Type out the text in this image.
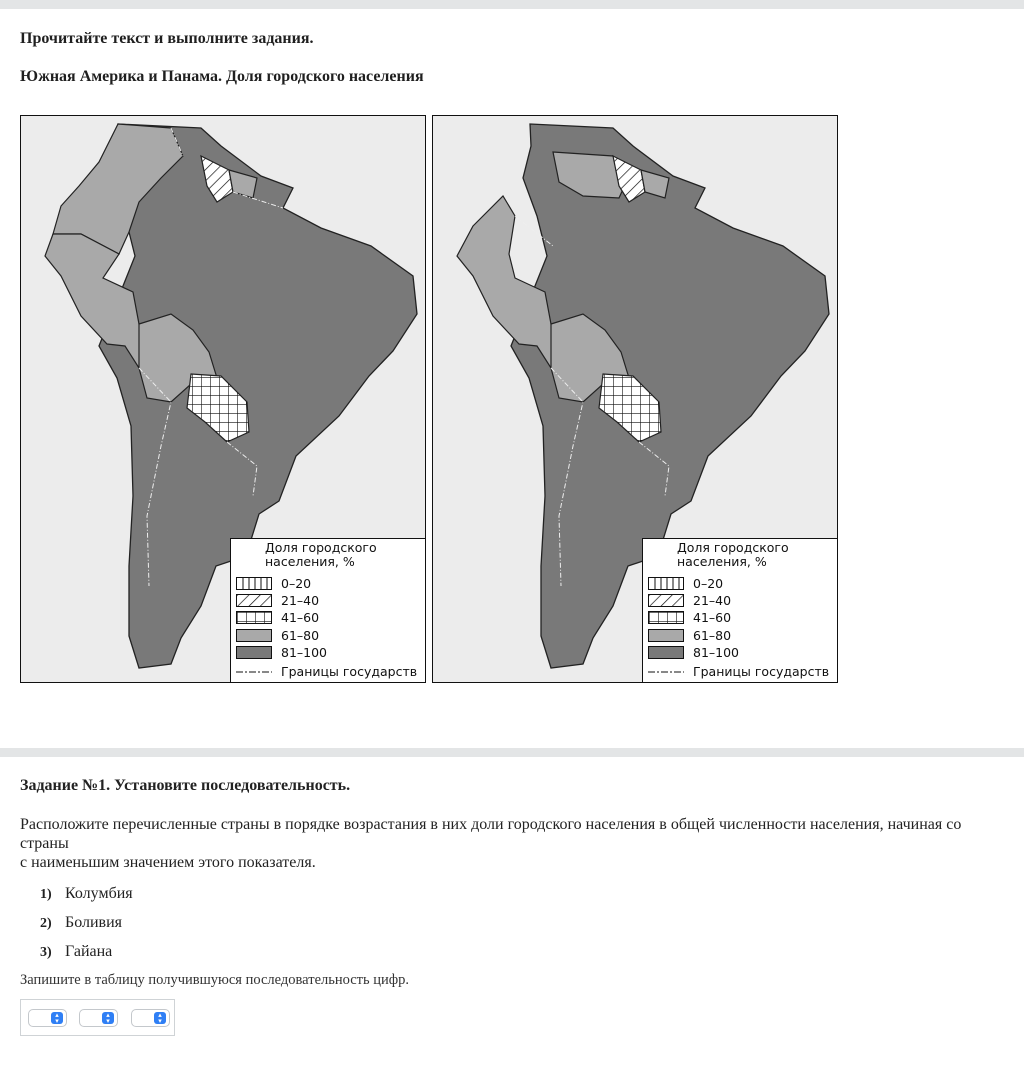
Прочитайте текст и выполните задания.

Южная Америка и Панама. Доля городского населения

Доля городского населения, %
0–20
21–40
41–60
61–80
81–100
Границы государств
Доля городского населения, %
0–20
21–40
41–60
61–80
81–100
Границы государств

Задание №1. Установите последовательность.

Расположите перечисленные страны в порядке возрастания в них доли городского населения в общей численности населения, начиная со страны
с наименьшим значением этого показателя.

1) Колумбия
2) Боливия
3) Гайана

Запишите в таблицу получившуюся последовательность цифр.

▴
▾
▴
▾
▴
▾
